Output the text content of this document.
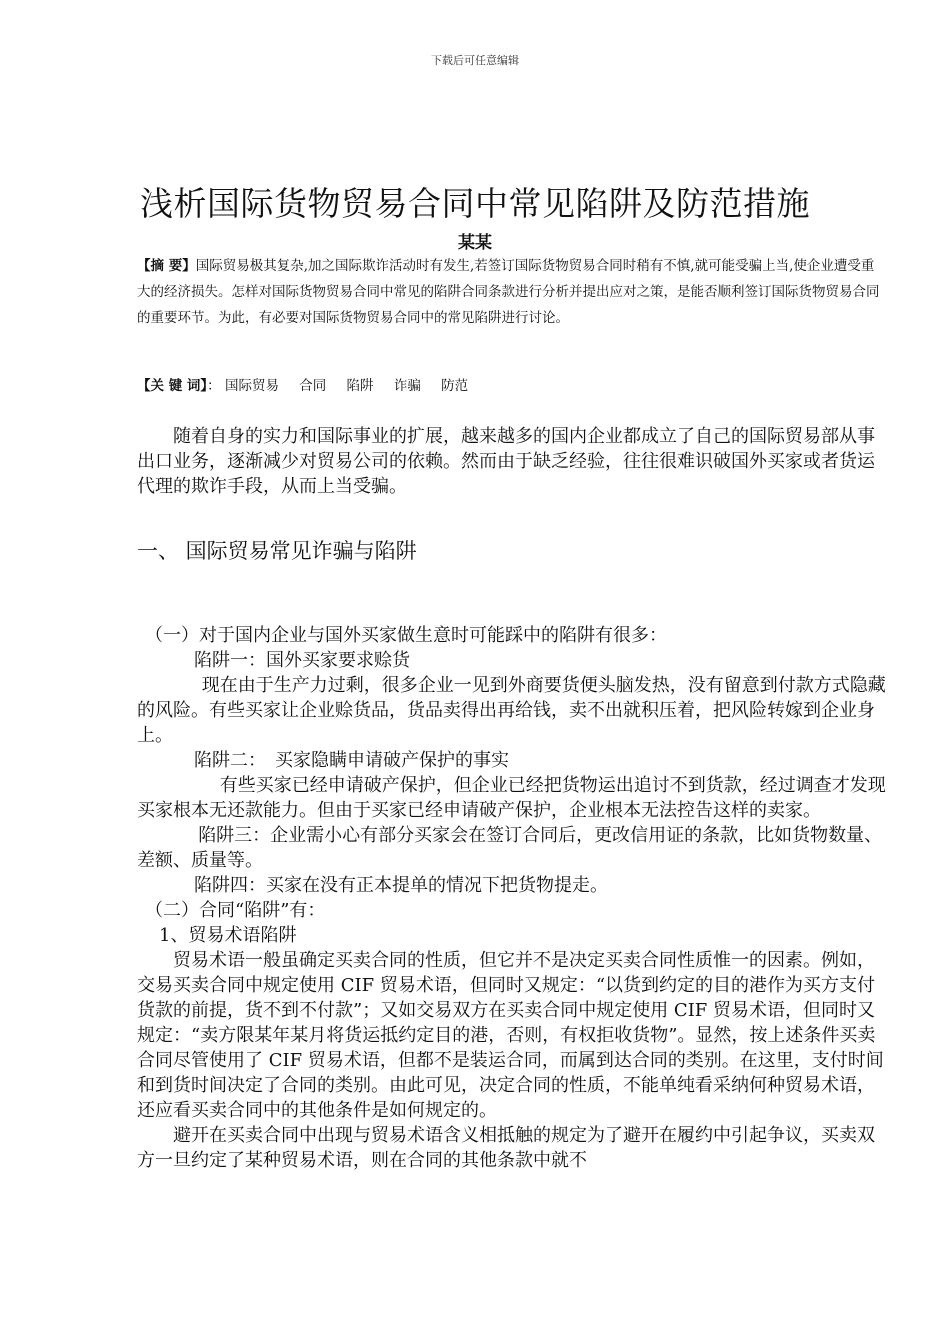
下载后可任意编辑
浅析国际货物贸易合同中常见陷阱及防范措施
某某
【摘 要】国际贸易极其复杂,加之国际欺诈活动时有发生,若签订国际货物贸易合同时稍有不慎,就可能受骗上当,使企业遭受重大的经济损失。怎样对国际货物贸易合同中常见的陷阱合同条款进行分析并提出应对之策，是能否顺利签订国际货物贸易合同的重要环节。为此，有必要对国际货物贸易合同中的常见陷阱进行讨论。
【关 键 词】： 国际贸易 合同 陷阱 诈骗 防范

随着自身的实力和国际事业的扩展，越来越多的国内企业都成立了自己的国际贸易部从事出口业务，逐渐减少对贸易公司的依赖。然而由于缺乏经验，往往很难识破国外买家或者货运代理的欺诈手段，从而上当受骗。

一、 国际贸易常见诈骗与陷阱

（一）对于国内企业与国外买家做生意时可能踩中的陷阱有很多：

陷阱一：国外买家要求赊货

现在由于生产力过剩，很多企业一见到外商要货便头脑发热，没有留意到付款方式隐藏的风险。有些买家让企业赊货品，货品卖得出再给钱，卖不出就积压着，把风险转嫁到企业身上。

陷阱二：　买家隐瞒申请破产保护的事实

有些买家已经申请破产保护，但企业已经把货物运出追讨不到货款，经过调查才发现买家根本无还款能力。但由于买家已经申请破产保护，企业根本无法控告这样的卖家。

陷阱三：企业需小心有部分买家会在签订合同后，更改信用证的条款，比如货物数量、差额、质量等。

陷阱四：买家在没有正本提单的情况下把货物提走。

（二）合同“陷阱”有：

1、贸易术语陷阱

贸易术语一般虽确定买卖合同的性质，但它并不是决定买卖合同性质惟一的因素。例如，交易买卖合同中规定使用 CIF 贸易术语，但同时又规定：“以货到约定的目的港作为买方支付货款的前提，货不到不付款”；又如交易双方在买卖合同中规定使用 CIF 贸易术语，但同时又规定：“卖方限某年某月将货运抵约定目的港，否则，有权拒收货物”。显然，按上述条件买卖合同尽管使用了 CIF 贸易术语，但都不是装运合同，而属到达合同的类别。在这里，支付时间和到货时间决定了合同的类别。由此可见，决定合同的性质，不能单纯看采纳何种贸易术语，还应看买卖合同中的其他条件是如何规定的。

避开在买卖合同中出现与贸易术语含义相抵触的规定为了避开在履约中引起争议，买卖双方一旦约定了某种贸易术语，则在合同的其他条款中就不
